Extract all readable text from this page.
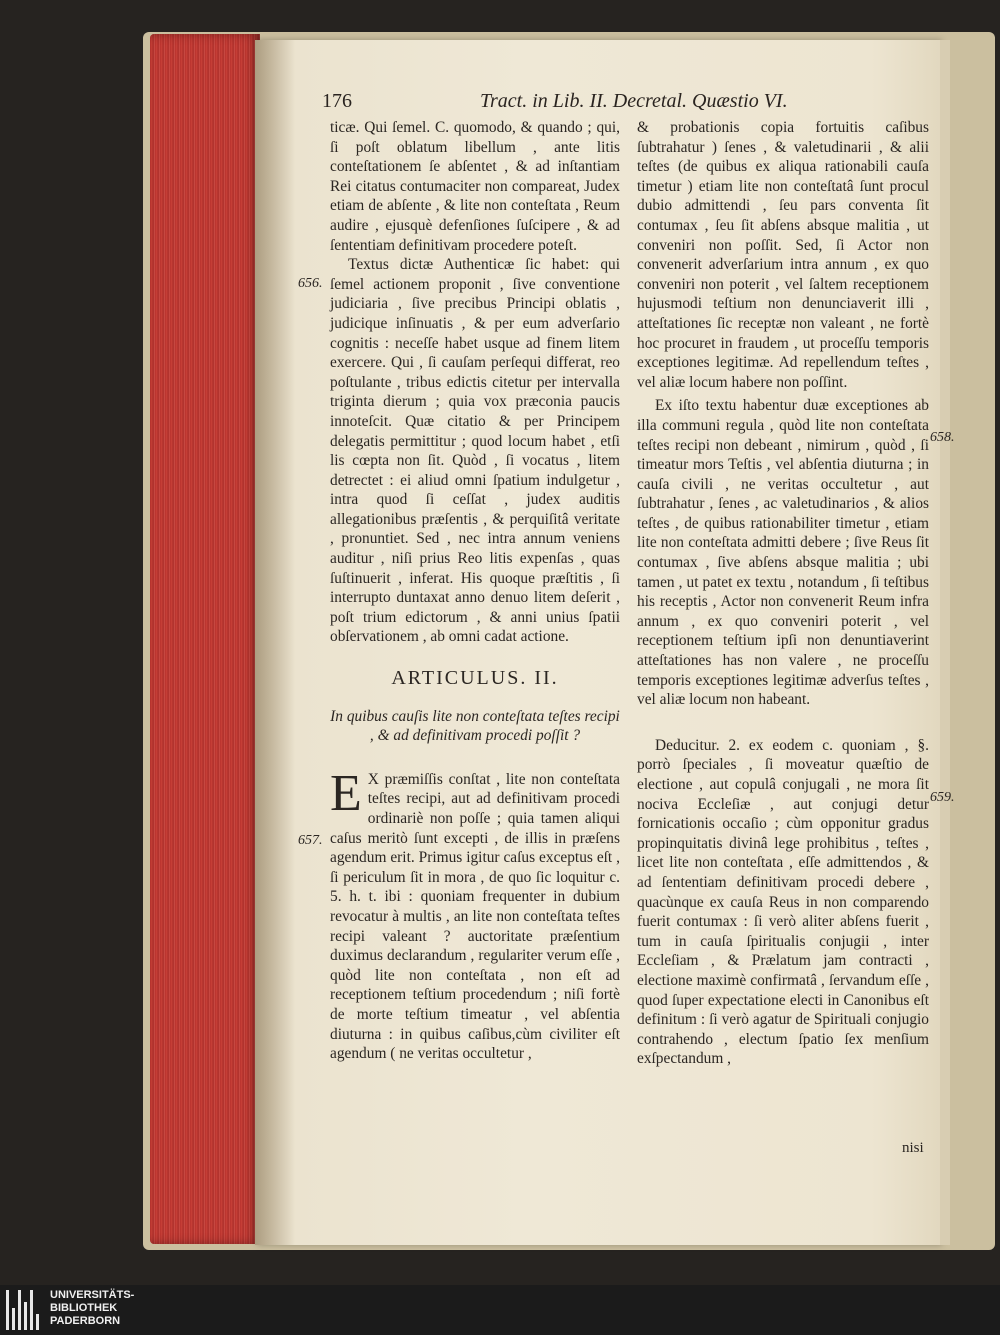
176	Tract. in Lib. II. Decretal. Quæstio VI.
656.
657.
658.
659.

ticæ. Qui ſemel. C. quomodo, & quando ; qui, ſi poſt oblatum libellum , ante litis conteſtationem ſe abſentet , & ad inſtantiam Rei citatus contumaciter non comparеat, Judex etiam de abſente , & lite non conteſtata , Reum audire , ejusquè defenſiones ſuſcipere , & ad ſententiam definitivam procedere poteſt.

Textus dictæ Authenticæ ſic habet: qui ſemel actionem proponit , ſive conventione judiciaria , ſive precibus Principi oblatis , judicique inſinuatis , & per eum adverſario cognitis : neceſſe habet usque ad finem litem exercere. Qui , ſi cauſam perſequi differat, reo poſtulante , tribus edictis citetur per intervalla triginta dierum ; quia vox præconia paucis innoteſcit. Quæ citatio & per Principem delegatis permittitur ; quod locum habet , etſi lis cœpta non ſit. Quòd , ſi vocatus , litem detrectet : ei aliud omni ſpatium indulgetur , intra quod ſi ceſſat , judex auditis allegationibus præſentis , & perquiſitâ veritate , pronuntiet. Sed , nec intra annum veniens auditur , niſi prius Reo litis expenſas , quas ſuſtinuerit , inferat. His quoque præſtitis , ſi interrupto duntaxat anno denuo litem deſerit , poſt trium edictorum , & anni unius ſpatii obſervationem , ab omni cadat actione.

ARTICULUS. II.
In quibus cauſis lite non conteſtata teſtes recipi , & ad definitivam procedi poſſit ?

E X præmiſſis conſtat , lite non conteſtata teſtes recipi, aut ad definitivam procedi ordinariè non poſſe ; quia tamen aliqui caſus meritò ſunt excepti , de illis in præſens agendum erit. Primus igitur caſus exceptus eſt , ſi periculum ſit in mora , de quo ſic loquitur c. 5. h. t. ibi : quoniam frequenter in dubium revocatur à multis , an lite non conteſtata teſtes recipi valeant ? auctoritate præſentium duximus declarandum , regulariter verum eſſe , quòd lite non conteſtata , non eſt ad receptionem teſtium procedendum ; niſi fortè de morte teſtium timeatur , vel abſentia diuturna : in quibus caſibus,cùm civiliter eſt agendum ( ne veritas occultetur ,

& probationis copia fortuitis caſibus ſubtrahatur ) ſenes , & valetudinarii , & alii teſtes (de quibus ex aliqua rationabili cauſa timetur ) etiam lite non conteſtatâ ſunt procul dubio admittendi , ſeu pars conventa ſit contumax , ſeu ſit abſens absque malitia , ut conveniri non poſſit. Sed, ſi Actor non convenerit adverſarium intra annum , ex quo conveniri non poterit , vel ſaltem receptionem hujusmodi teſtium non denunciaverit illi , atteſtationes ſic receptæ non valeant , ne fortè hoc procuret in fraudem , ut proceſſu temporis exceptiones legitimæ. Ad repellendum teſtes , vel aliæ locum habere non poſſint.

Ex iſto textu habentur duæ exceptiones ab illa communi regula , quòd lite non conteſtata teſtes recipi non debeant , nimirum , quòd , ſi timeatur mors Teſtis , vel abſentia diuturna ; in cauſa civili , ne veritas occultetur , aut ſubtrahatur , ſenes , ac valetudinarios , & alios teſtes , de quibus rationabiliter timetur , etiam lite non conteſtata admitti debere ; ſive Reus ſit contumax , ſive abſens absque malitia ; ubi tamen , ut patet ex textu , notandum , ſi teſtibus his receptis , Actor non convenerit Reum infra annum , ex quo conveniri poterit , vel receptionem teſtium ipſi non denuntiaverint atteſtationes has non valere , ne proceſſu temporis exceptiones legitimæ adverſus teſtes , vel aliæ locum non habeant.

Deducitur. 2. ex eodem c. quoniam , §. porrò ſpeciales , ſi moveatur quæſtio de electione , aut copulâ conjugali , ne mora ſit nociva Eccleſiæ , aut conjugi detur fornicationis occaſio ; cùm opponitur gradus propinquitatis divinâ lege prohibitus , teſtes , licet lite non conteſtata , eſſe admittendos , & ad ſententiam definitivam procedi debere , quacùnque ex cauſa Reus in non comparendo fuerit contumax : ſi verò aliter abſens fuerit , tum in cauſa ſpiritualis conjugii , inter Eccleſiam , & Prælatum jam contracti , electione maximè confirmatâ , ſervandum eſſe , quod ſuper expectatione electi in Canonibus eſt definitum : ſi verò agatur de Spirituali conjugio contrahendo , electum ſpatio ſex menſium exſpectandum ,

nisi
UNIVERSITÄTS-
BIBLIOTHEK
PADERBORN
